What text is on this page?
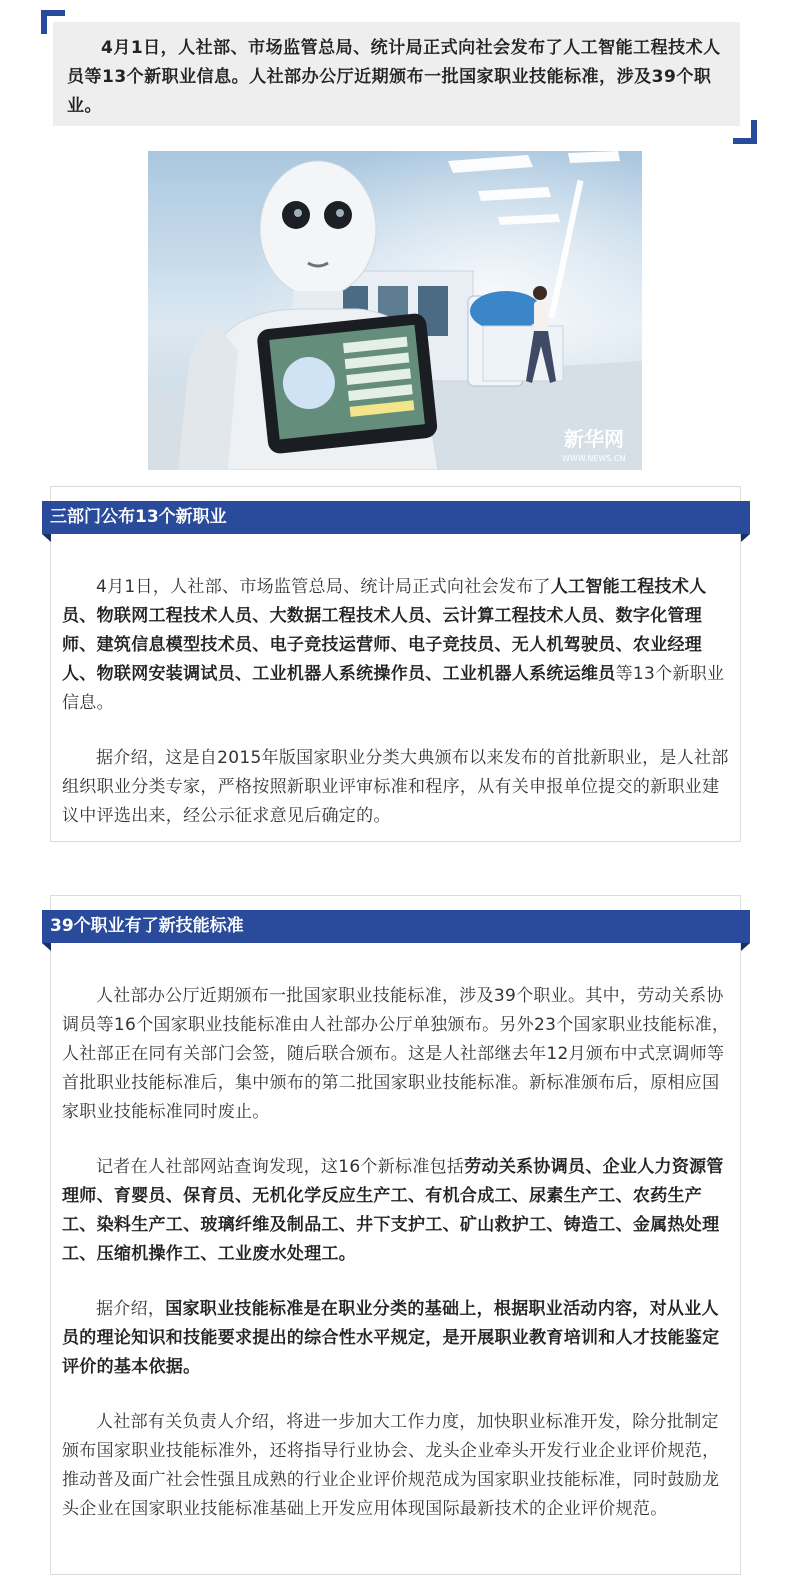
4月1日，人社部、市场监管总局、统计局正式向社会发布了人工智能工程技术人员等13个新职业信息。人社部办公厅近期颁布一批国家职业技能标准，涉及39个职业。

新华网
WWW.NEWS.CN
三部门公布13个新职业

4月1日，人社部、市场监管总局、统计局正式向社会发布了人工智能工程技术人员、物联网工程技术人员、大数据工程技术人员、云计算工程技术人员、数字化管理师、建筑信息模型技术员、电子竞技运营师、电子竞技员、无人机驾驶员、农业经理人、物联网安装调试员、工业机器人系统操作员、工业机器人系统运维员等13个新职业信息。

据介绍，这是自2015年版国家职业分类大典颁布以来发布的首批新职业，是人社部组织职业分类专家，严格按照新职业评审标准和程序，从有关申报单位提交的新职业建议中评选出来，经公示征求意见后确定的。

39个职业有了新技能标准

人社部办公厅近期颁布一批国家职业技能标准，涉及39个职业。其中，劳动关系协调员等16个国家职业技能标准由人社部办公厅单独颁布。另外23个国家职业技能标准，人社部正在同有关部门会签，随后联合颁布。这是人社部继去年12月颁布中式烹调师等首批职业技能标准后，集中颁布的第二批国家职业技能标准。新标准颁布后，原相应国家职业技能标准同时废止。

记者在人社部网站查询发现，这16个新标准包括劳动关系协调员、企业人力资源管理师、育婴员、保育员、无机化学反应生产工、有机合成工、尿素生产工、农药生产工、染料生产工、玻璃纤维及制品工、井下支护工、矿山救护工、铸造工、金属热处理工、压缩机操作工、工业废水处理工。

据介绍，国家职业技能标准是在职业分类的基础上，根据职业活动内容，对从业人员的理论知识和技能要求提出的综合性水平规定，是开展职业教育培训和人才技能鉴定评价的基本依据。

人社部有关负责人介绍，将进一步加大工作力度，加快职业标准开发，除分批制定颁布国家职业技能标准外，还将指导行业协会、龙头企业牵头开发行业企业评价规范，推动普及面广社会性强且成熟的行业企业评价规范成为国家职业技能标准，同时鼓励龙头企业在国家职业技能标准基础上开发应用体现国际最新技术的企业评价规范。
